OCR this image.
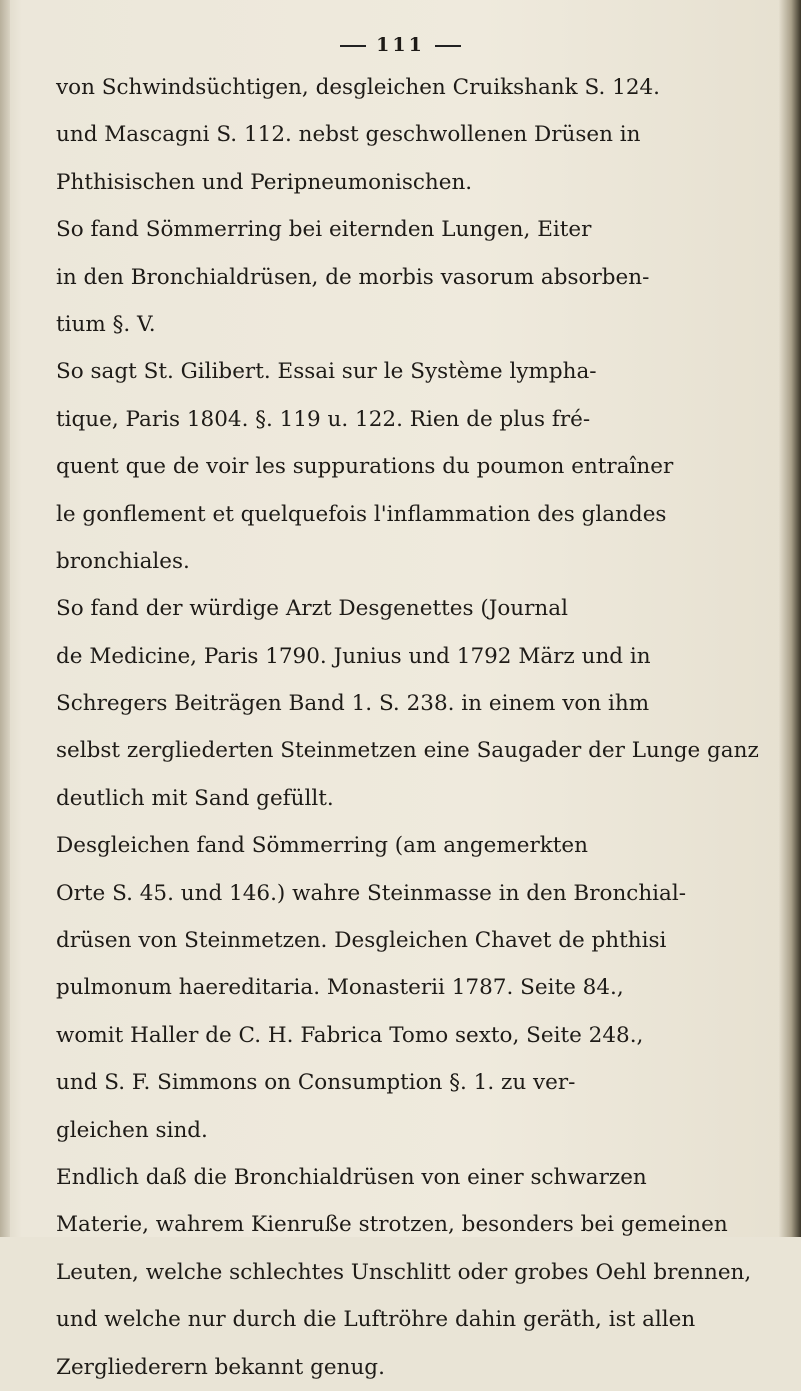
111
von Schwindsüchtigen, desgleichen Cruikshank S. 124.
und Mascagni S. 112. nebst geschwollenen Drüsen in
Phthisischen und Peripneumonischen.
So fand Sömmerring bei eiternden Lungen, Eiter
in den Bronchialdrüsen, de morbis vasorum absorben-
tium §. V.
So sagt St. Gilibert. Essai sur le Système lympha-
tique, Paris 1804. §. 119 u. 122. Rien de plus fré-
quent que de voir les suppurations du poumon entraîner
le gonflement et quelquefois l'inflammation des glandes
bronchiales.
So fand der würdige Arzt Desgenettes (Journal
de Medicine, Paris 1790. Junius und 1792 März und in
Schregers Beiträgen Band 1. S. 238. in einem von ihm
selbst zergliederten Steinmetzen eine Saugader der Lunge ganz
deutlich mit Sand gefüllt.
Desgleichen fand Sömmerring (am angemerkten
Orte S. 45. und 146.) wahre Steinmasse in den Bronchial-
drüsen von Steinmetzen. Desgleichen Chavet de phthisi
pulmonum haereditaria. Monasterii 1787. Seite 84.,
womit Haller de C. H. Fabrica Tomo sexto, Seite 248.,
und S. F. Simmons on Consumption §. 1. zu ver-
gleichen sind.
Endlich daß die Bronchialdrüsen von einer schwarzen
Materie, wahrem Kienruße strotzen, besonders bei gemeinen
Leuten, welche schlechtes Unschlitt oder grobes Oehl brennen,
und welche nur durch die Luftröhre dahin geräth, ist allen
Zergliederern bekannt genug.
